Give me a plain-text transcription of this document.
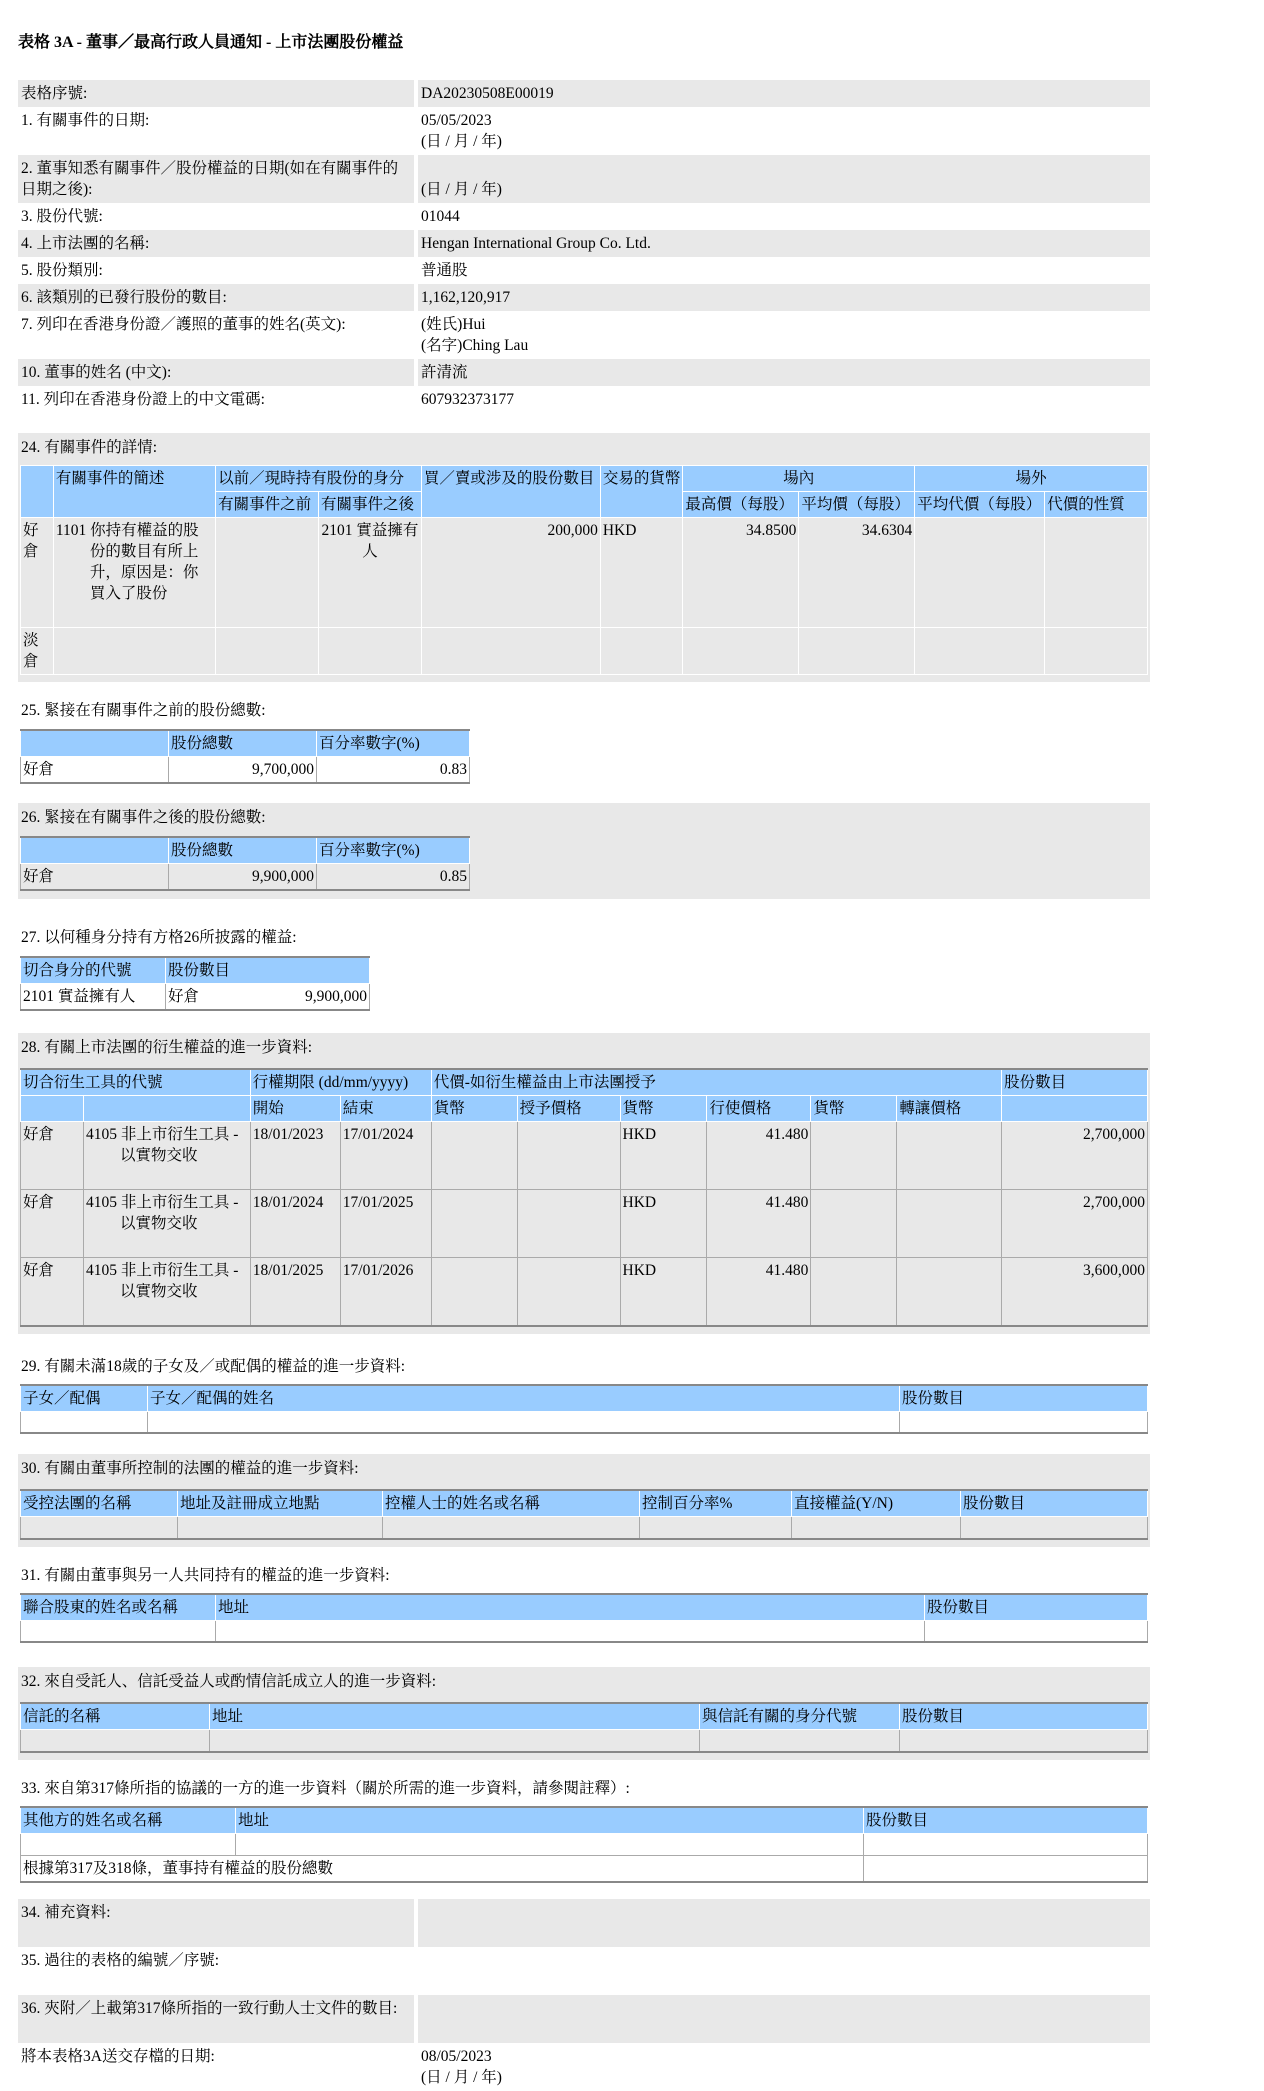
表格 3A - 董事／最高行政人員通知 - 上市法團股份權益
表格序號:		DA20230508E00019

1. 有關事件的日期:		05/05/2023
(日 / 月 / 年)

2. 董事知悉有關事件／股份權益的日期(如在有關事件的日期之後):		(日 / 月 / 年)

3. 股份代號:		01044

4. 上市法團的名稱:		Hengan International Group Co. Ltd.

5. 股份類別:		普通股

6. 該類別的已發行股份的數目:		1,162,120,917

7. 列印在香港身份證／護照的董事的姓名(英文):		(姓氏)Hui
(名字)Ching Lau

10. 董事的姓名 (中文):		許清流

11. 列印在香港身份證上的中文電碼:		607932373177
24. 有關事件的詳情:
	有關事件的簡述	以前／現時持有股份的身分		買／賣或涉及的股份數目	交易的貨幣	場內		場外	
		有關事件之前	有關事件之後			最高價（每股）	平均價（每股）	平均代價（每股）	代價的性質
好倉	1101 你持有權益的股份的數目有所上升，原因是：你買入了股份		2101 實益擁有人	200,000	HKD	34.8500	34.6304		
淡倉									
25. 緊接在有關事件之前的股份總數:
	股份總數	百分率數字(%)
好倉	9,700,000	0.83
26. 緊接在有關事件之後的股份總數:
	股份總數	百分率數字(%)
好倉	9,900,000	0.85
27. 以何種身分持有方格26所披露的權益:
切合身分的代號	股份數目	
2101 實益擁有人	好倉	9,900,000
28. 有關上市法團的衍生權益的進一步資料:
切合衍生工具的代號		行權期限 (dd/mm/yyyy)		代價-如衍生權益由上市法團授予						股份數目
		開始	結束	貨幣	授予價格	貨幣	行使價格	貨幣	轉讓價格	
好倉	4105 非上市衍生工具 - 以實物交收	18/01/2023	17/01/2024			HKD	41.480			2,700,000
好倉	4105 非上市衍生工具 - 以實物交收	18/01/2024	17/01/2025			HKD	41.480			2,700,000
好倉	4105 非上市衍生工具 - 以實物交收	18/01/2025	17/01/2026			HKD	41.480			3,600,000
29. 有關未滿18歲的子女及／或配偶的權益的進一步資料:
子女／配偶	子女／配偶的姓名	股份數目

30. 有關由董事所控制的法團的權益的進一步資料:
受控法團的名稱	地址及註冊成立地點	控權人士的姓名或名稱	控制百分率%	直接權益(Y/N)	股份數目

31. 有關由董事與另一人共同持有的權益的進一步資料:
聯合股東的姓名或名稱	地址	股份數目

32. 來自受託人、信託受益人或酌情信託成立人的進一步資料:
信託的名稱	地址	與信託有關的身分代號	股份數目

33. 來自第317條所指的協議的一方的進一步資料（關於所需的進一步資料，請參閱註釋）:
其他方的姓名或名稱	地址	股份數目

根據第317及318條，董事持有權益的股份總數		
34. 補充資料:		

35. 過往的表格的編號／序號:		

36. 夾附／上載第317條所指的一致行動人士文件的數目:		

將本表格3A送交存檔的日期:		08/05/2023
(日 / 月 / 年)
